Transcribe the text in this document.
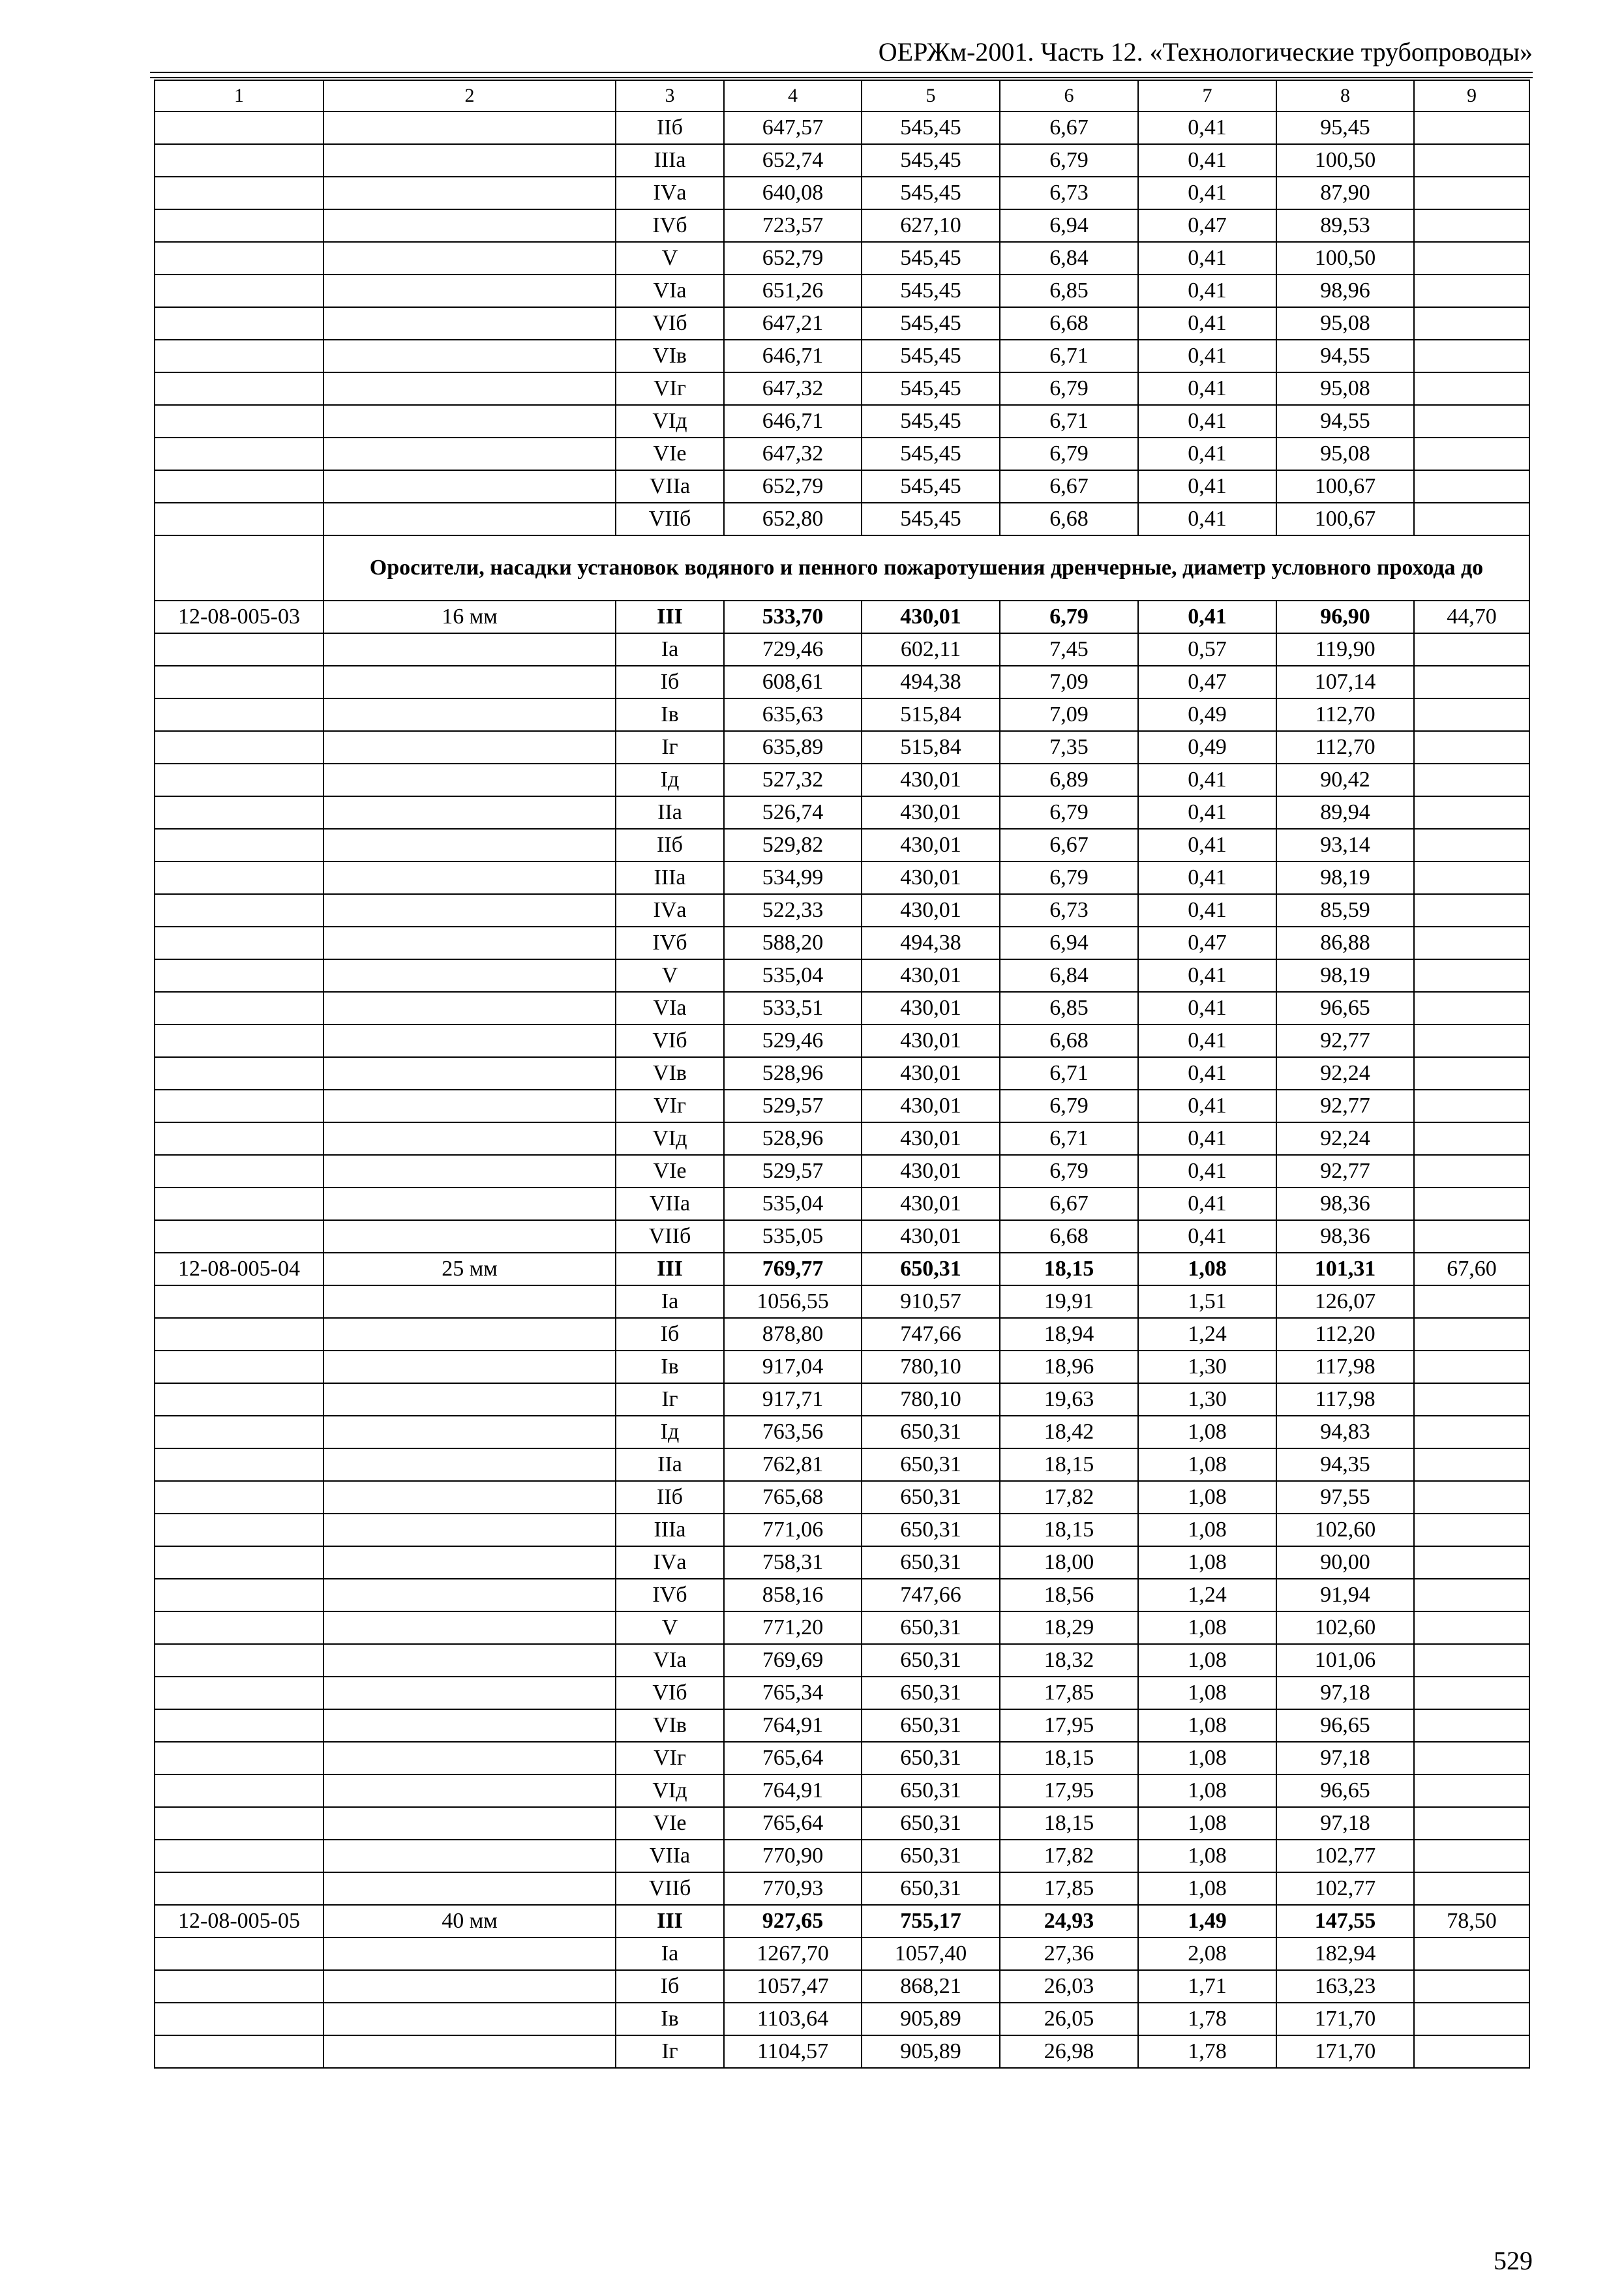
ОЕРЖм-2001. Часть 12. «Технологические трубопроводы»
1	2	3	4	5	6	7	8	9
		IIб	647,57	545,45	6,67	0,41	95,45	
		IIIа	652,74	545,45	6,79	0,41	100,50	
		IVа	640,08	545,45	6,73	0,41	87,90	
		IVб	723,57	627,10	6,94	0,47	89,53	
		V	652,79	545,45	6,84	0,41	100,50	
		VIа	651,26	545,45	6,85	0,41	98,96	
		VIб	647,21	545,45	6,68	0,41	95,08	
		VIв	646,71	545,45	6,71	0,41	94,55	
		VIг	647,32	545,45	6,79	0,41	95,08	
		VIд	646,71	545,45	6,71	0,41	94,55	
		VIе	647,32	545,45	6,79	0,41	95,08	
		VIIа	652,79	545,45	6,67	0,41	100,67	
		VIIб	652,80	545,45	6,68	0,41	100,67	
	Оросители, насадки установок водяного и пенного пожаротушения дренчерные, диаметр условного прохода до							
12-08-005-03	16 мм	III	533,70	430,01	6,79	0,41	96,90	44,70
		Iа	729,46	602,11	7,45	0,57	119,90	
		Iб	608,61	494,38	7,09	0,47	107,14	
		Iв	635,63	515,84	7,09	0,49	112,70	
		Iг	635,89	515,84	7,35	0,49	112,70	
		Iд	527,32	430,01	6,89	0,41	90,42	
		IIа	526,74	430,01	6,79	0,41	89,94	
		IIб	529,82	430,01	6,67	0,41	93,14	
		IIIа	534,99	430,01	6,79	0,41	98,19	
		IVа	522,33	430,01	6,73	0,41	85,59	
		IVб	588,20	494,38	6,94	0,47	86,88	
		V	535,04	430,01	6,84	0,41	98,19	
		VIа	533,51	430,01	6,85	0,41	96,65	
		VIб	529,46	430,01	6,68	0,41	92,77	
		VIв	528,96	430,01	6,71	0,41	92,24	
		VIг	529,57	430,01	6,79	0,41	92,77	
		VIд	528,96	430,01	6,71	0,41	92,24	
		VIе	529,57	430,01	6,79	0,41	92,77	
		VIIа	535,04	430,01	6,67	0,41	98,36	
		VIIб	535,05	430,01	6,68	0,41	98,36	
12-08-005-04	25 мм	III	769,77	650,31	18,15	1,08	101,31	67,60
		Iа	1056,55	910,57	19,91	1,51	126,07	
		Iб	878,80	747,66	18,94	1,24	112,20	
		Iв	917,04	780,10	18,96	1,30	117,98	
		Iг	917,71	780,10	19,63	1,30	117,98	
		Iд	763,56	650,31	18,42	1,08	94,83	
		IIа	762,81	650,31	18,15	1,08	94,35	
		IIб	765,68	650,31	17,82	1,08	97,55	
		IIIа	771,06	650,31	18,15	1,08	102,60	
		IVа	758,31	650,31	18,00	1,08	90,00	
		IVб	858,16	747,66	18,56	1,24	91,94	
		V	771,20	650,31	18,29	1,08	102,60	
		VIа	769,69	650,31	18,32	1,08	101,06	
		VIб	765,34	650,31	17,85	1,08	97,18	
		VIв	764,91	650,31	17,95	1,08	96,65	
		VIг	765,64	650,31	18,15	1,08	97,18	
		VIд	764,91	650,31	17,95	1,08	96,65	
		VIе	765,64	650,31	18,15	1,08	97,18	
		VIIа	770,90	650,31	17,82	1,08	102,77	
		VIIб	770,93	650,31	17,85	1,08	102,77	
12-08-005-05	40 мм	III	927,65	755,17	24,93	1,49	147,55	78,50
		Iа	1267,70	1057,40	27,36	2,08	182,94	
		Iб	1057,47	868,21	26,03	1,71	163,23	
		Iв	1103,64	905,89	26,05	1,78	171,70	
		Iг	1104,57	905,89	26,98	1,78	171,70	
529
